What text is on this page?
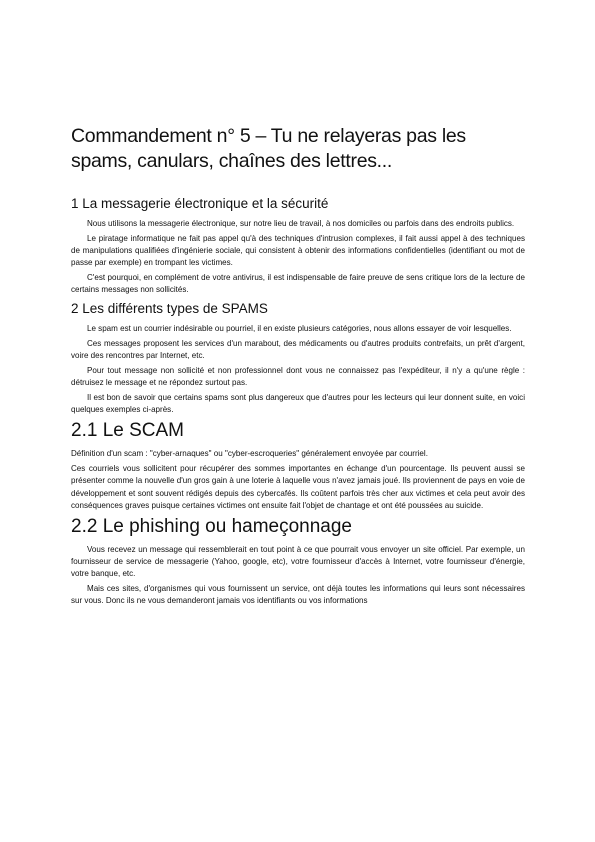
Commandement n° 5 – Tu ne relayeras pas les spams, canulars, chaînes des lettres...
1 La messagerie électronique et la sécurité

Nous utilisons la messagerie électronique, sur notre lieu de travail, à nos domiciles ou parfois dans des endroits publics.

Le piratage informatique ne fait pas appel qu'à des techniques d'intrusion complexes, il fait aussi appel à des techniques de manipulations qualifiées d'ingénierie sociale, qui consistent à obtenir des informations confidentielles (identifiant ou mot de passe par exemple) en trompant les victimes.

C'est pourquoi, en complément de votre antivirus, il est indispensable de faire preuve de sens critique lors de la lecture de certains messages non sollicités.

2 Les différents types de SPAMS

Le spam est un courrier indésirable ou pourriel, il en existe plusieurs catégories, nous allons essayer de voir lesquelles.

Ces messages proposent les services d'un marabout, des médicaments ou d'autres produits contrefaits, un prêt d'argent, voire des rencontres par Internet, etc.

Pour tout message non sollicité et non professionnel dont vous ne connaissez pas l'expéditeur, il n'y a qu'une règle : détruisez le message et ne répondez surtout pas.

Il est bon de savoir que certains spams sont plus dangereux que d'autres pour les lecteurs qui leur donnent suite, en voici quelques exemples ci-après.

2.1 Le SCAM

Définition d'un scam : "cyber-arnaques" ou "cyber-escroqueries" généralement envoyée par courriel.

Ces courriels vous sollicitent pour récupérer des sommes importantes en échange d'un pourcentage. Ils peuvent aussi se présenter comme la nouvelle d'un gros gain à une loterie à laquelle vous n'avez jamais joué. Ils proviennent de pays en voie de développement et sont souvent rédigés depuis des cybercafés. Ils coûtent parfois très cher aux victimes et cela peut avoir des conséquences graves puisque certaines victimes ont ensuite fait l'objet de chantage et ont été poussées au suicide.

2.2 Le phishing ou hameçonnage

Vous recevez un message qui ressemblerait en tout point à ce que pourrait vous envoyer un site officiel. Par exemple, un fournisseur de service de messagerie (Yahoo, google, etc), votre fournisseur d'accès à Internet, votre fournisseur d'énergie, votre banque, etc.

Mais ces sites, d'organismes qui vous fournissent un service, ont déjà toutes les informations qui leurs sont nécessaires sur vous. Donc ils ne vous demanderont jamais vos identifiants ou vos informations
